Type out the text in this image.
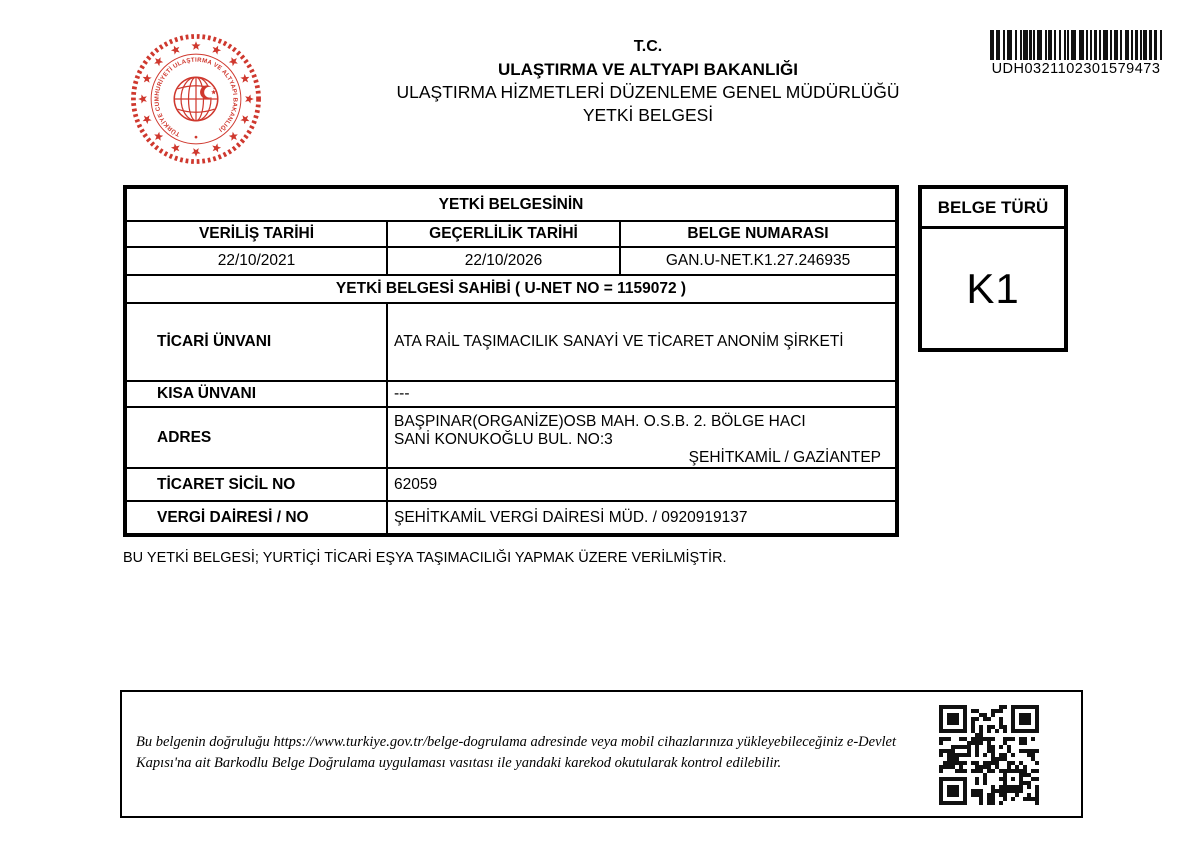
TÜRKİYE CUMHURİYETİ ULAŞTIRMA VE ALTYAPI BAKANLIĞI
T.C.
ULAŞTIRMA VE ALTYAPI BAKANLIĞI
ULAŞTIRMA HİZMETLERİ DÜZENLEME GENEL MÜDÜRLÜĞÜ
YETKİ BELGESİ
UDH0321102301579473
YETKİ BELGESİNİN		
VERİLİŞ TARİHİ	GEÇERLİLİK TARİHİ	BELGE NUMARASI
22/10/2021	22/10/2026	GAN.U-NET.K1.27.246935
YETKİ BELGESİ SAHİBİ ( U-NET NO = 1159072 )		
TİCARİ ÜNVANI	ATA RAİL TAŞIMACILIK SANAYİ VE TİCARET ANONİM ŞİRKETİ	
KISA ÜNVANI	---	
ADRES	BAŞPINAR(ORGANİZE)OSB MAH. O.S.B. 2. BÖLGE HACI
SANİ KONUKOĞLU BUL. NO:3
ŞEHİTKAMİL / GAZİANTEP	

TİCARET SİCİL NO	62059	
VERGİ DAİRESİ / NO	ŞEHİTKAMİL VERGİ DAİRESİ MÜD. / 0920919137	
BELGE TÜRÜ
K1
BU YETKİ BELGESİ; YURTİÇİ TİCARİ EŞYA TAŞIMACILIĞI YAPMAK ÜZERE VERİLMİŞTİR.
Bu belgenin doğruluğu https://www.turkiye.gov.tr/belge-dogrulama adresinde veya mobil cihazlarınıza yükleyebileceğiniz e-Devlet
Kapısı'na ait Barkodlu Belge Doğrulama uygulaması vasıtası ile yandaki karekod okutularak kontrol edilebilir.
